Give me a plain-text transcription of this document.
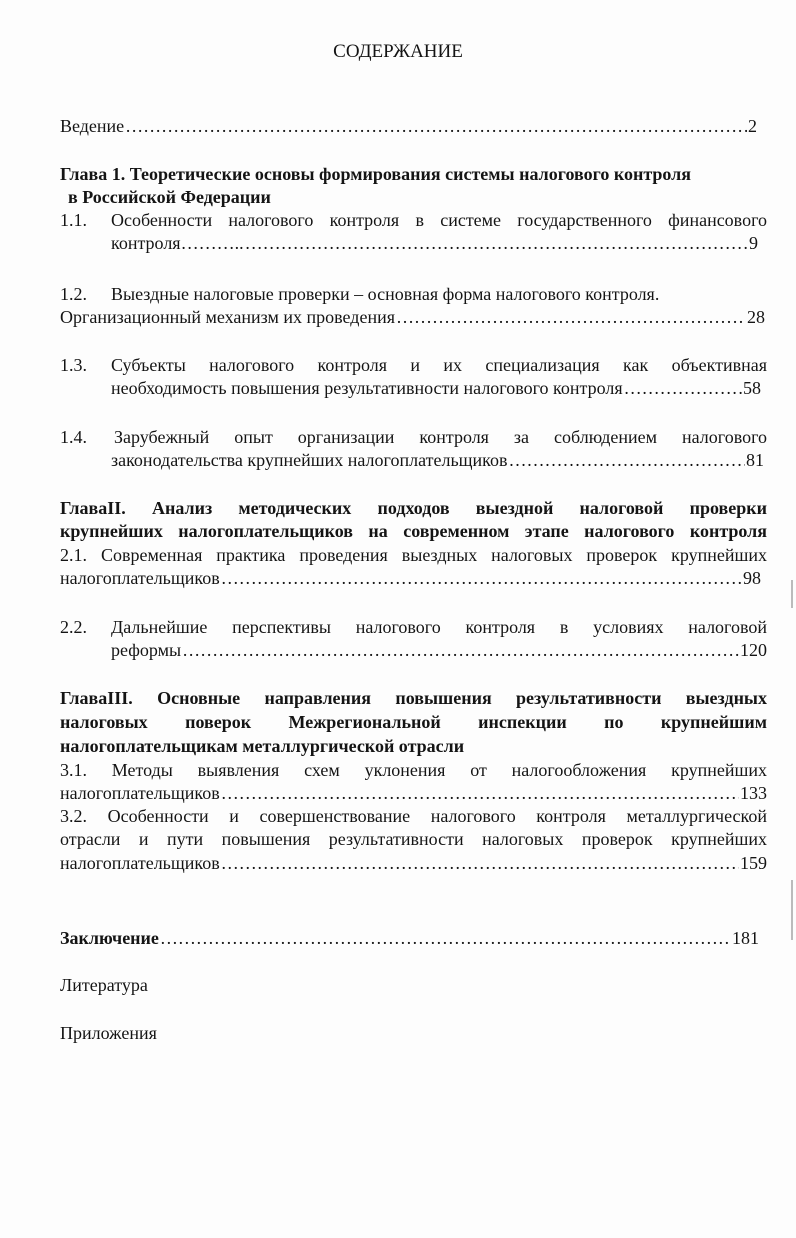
СОДЕРЖАНИЕ
Ведение ……………………………………………………………………………………………………………………………………………………………………………………………………………………	2
Глава 1. Теоретические основы формирования системы налогового контроля
в Российской Федерации
1.1. Особенности налогового контроля в системе государственного финансового
контроля……….. ……………………………………………………………………………………………………………………………………………………………………………………………………………………	9
1.2. Выездные налоговые проверки – основная форма налогового контроля.
Организационный механизм их проведения ……………………………………………………………………………………………………………………………………………………………………………………………………………………	28
1.3. Субъекты налогового контроля и их специализация как объективная
необходимость повышения результативности налогового контроля ……………………………………………………………………………………………………………………………………………………………………………………………………………………	58
1.4. Зарубежный опыт организации контроля за соблюдением налогового
законодательства крупнейших налогоплательщиков ……………………………………………………………………………………………………………………………………………………………………………………………………………………	81
ГлаваII. Анализ методических подходов выездной налоговой проверки
крупнейших налогоплательщиков на современном этапе налогового контроля
2.1. Современная практика проведения выездных налоговых проверок крупнейших
налогоплательщиков ……………………………………………………………………………………………………………………………………………………………………………………………………………………	98
2.2. Дальнейшие перспективы налогового контроля в условиях налоговой
реформы ……………………………………………………………………………………………………………………………………………………………………………………………………………………	120
ГлаваIII. Основные направления повышения результативности выездных
налоговых поверок Межрегиональной инспекции по крупнейшим
налогоплательщикам металлургической отрасли
3.1. Методы выявления схем уклонения от налогообложения крупнейших
налогоплательщиков ……………………………………………………………………………………………………………………………………………………………………………………………………………………	133
3.2. Особенности и совершенствование налогового контроля металлургической
отрасли и пути повышения результативности налоговых проверок крупнейших
налогоплательщиков ……………………………………………………………………………………………………………………………………………………………………………………………………………………	159
Заключение ……………………………………………………………………………………………………………………………………………………………………………………………………………………	181
Литература
Приложения
